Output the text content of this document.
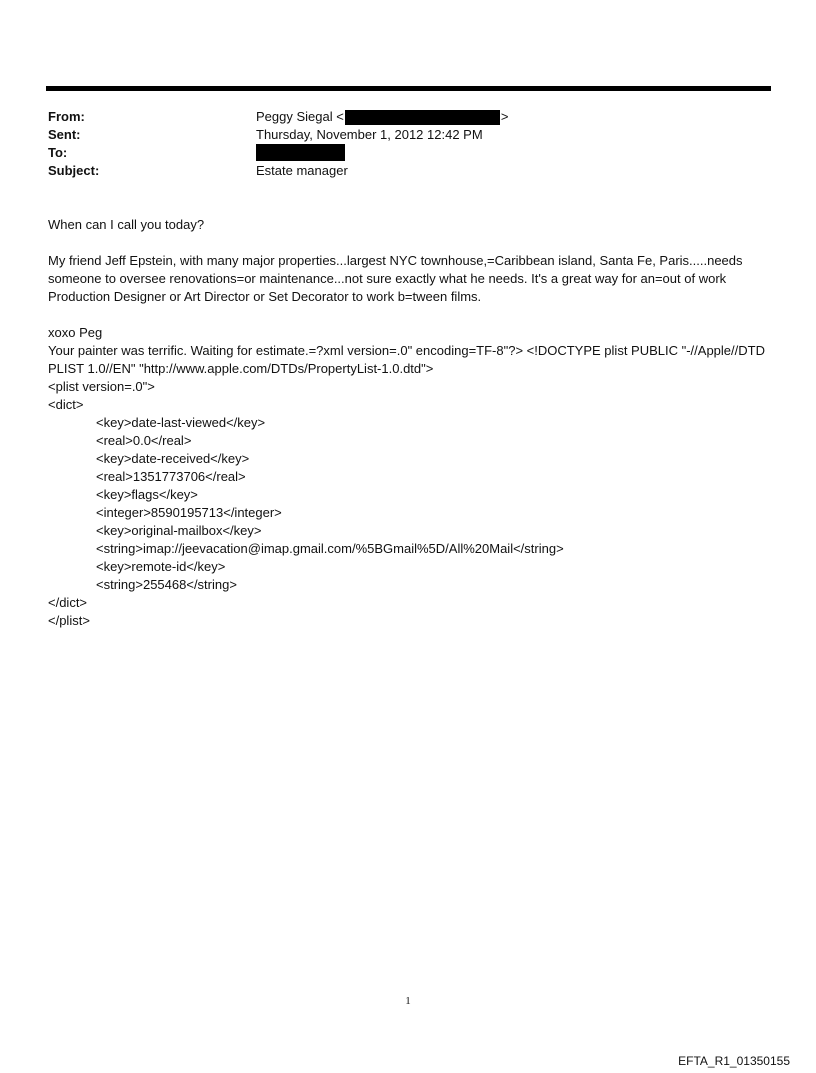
From:	Peggy Siegal <	>
Sent:	Thursday, November 1, 2012 12:42 PM
To:
Subject:	Estate manager

When can I call you today?

My friend Jeff Epstein, with many major properties...largest NYC townhouse,=Caribbean island, Santa Fe, Paris.....needs someone to oversee renovations=or maintenance...not sure exactly what he needs. It's a great way for an=out of work Production Designer or Art Director or Set Decorator to work b=tween films.

xoxo Peg

Your painter was terrific. Waiting for estimate.=?xml version=.0" encoding=TF-8"?> <!DOCTYPE plist PUBLIC "-//Apple//DTD PLIST 1.0//EN" "http://www.apple.com/DTDs/PropertyList-1.0.dtd">

<plist version=.0">

<dict>

<key>date-last-viewed</key>

<real>0.0</real>

<key>date-received</key>

<real>1351773706</real>

<key>flags</key>

<integer>8590195713</integer>

<key>original-mailbox</key>

<string>imap://jeevacation@imap.gmail.com/%5BGmail%5D/All%20Mail</string>

<key>remote-id</key>

<string>255468</string>

</dict>

</plist>

1
EFTA_R1_01350155
